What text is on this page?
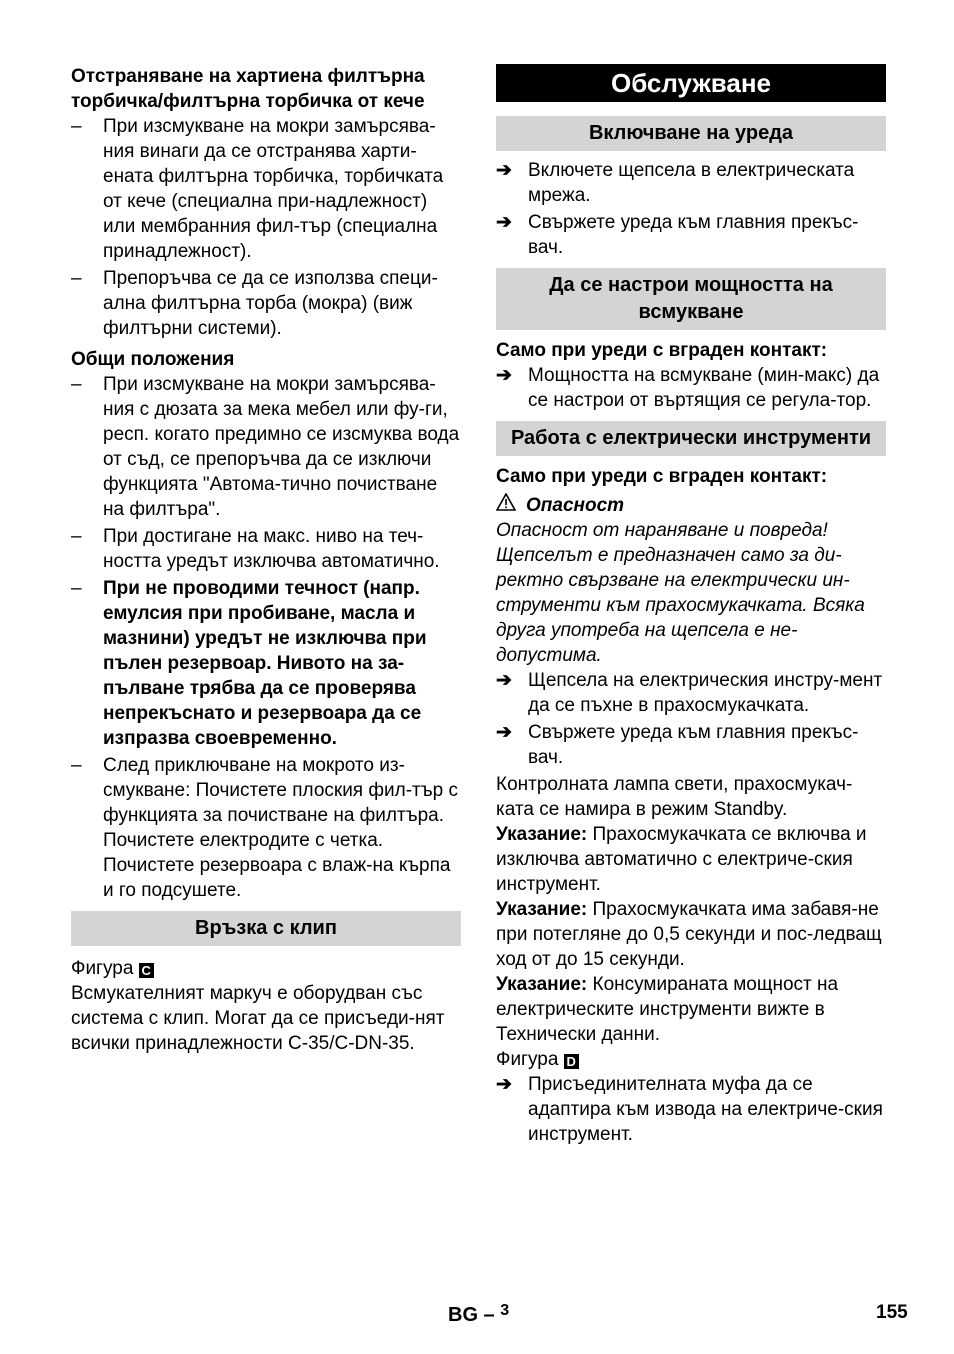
Отстраняване на хартиена филтърна торбичка/филтърна торбичка от кече

–	При изсмукване на мокри замърсява-ния винаги да се отстранява харти-ената филтърна торбичка, торбичката от кече (специална при-надлежност) или мембранния фил-тър (специална принадлежност).
–	Препоръчва се да се използва специ-ална филтърна торба (мокра) (виж филтърни системи).

Общи положения

–	При изсмукване на мокри замърсява-ния с дюзата за мека мебел или фу-ги, респ. когато предимно се изсмуква вода от съд, се препоръчва да се изключи функцията "Автома-тично почистване на филтъра".
–	При достигане на макс. ниво на теч-ността уредът изключва автоматично.
–	При не проводими течност (напр. емулсия при пробиване, масла и мазнини) уредът не изключва при пълен резервоар. Нивото на за-пълване трябва да се проверява непрекъснато и резервоара да се изпразва своевременно.
–	След приключване на мокрото из-смукване: Почистете плоския фил-тър с функцията за почистване на филтъра. Почистете електродите с четка. Почистете резервоара с влаж-на кърпа и го подсушете.
Връзка с клип

Фигура C

Всмукателният маркуч е оборудван със система с клип. Могат да се присъеди-нят всички принадлежности C-35/C-DN-35.

Обслужване
Включване на уреда
➔ Включете щепсела в електрическата мрежа.
➔ Свържете уреда към главния прекъс-вач.
Да се настрои мощността на всмукване

Само при уреди с вграден контакт:

➔ Мощността на всмукване (мин-макс) да се настрои от въртящия се регула-тор.
Работа с електрически инструменти

Само при уреди с вграден контакт:

Опасност

Опасност от нараняване и повреда! Щепселът е предназначен само за ди-ректно свързване на електрически ин-струменти към прахосмукачката. Всяка друга употреба на щепсела е не-допустима.

➔ Щепсела на електрическия инстру-мент да се пъхне в прахосмукачката.
➔ Свържете уреда към главния прекъс-вач.

Контролната лампа свети, прахосмукач-ката се намира в режим Standby.

Указание: Прахосмукачката се включва и изключва автоматично с електриче-ския инструмент.

Указание: Прахосмукачката има забавя-не при потегляне до 0,5 секунди и пос-ледващ ход от до 15 секунди.

Указание: Консумираната мощност на електрическите инструменти вижте в Технически данни.

Фигура D

➔ Присъединителната муфа да се адаптира към извода на електриче-ския инструмент.
BG – $^3$	155
